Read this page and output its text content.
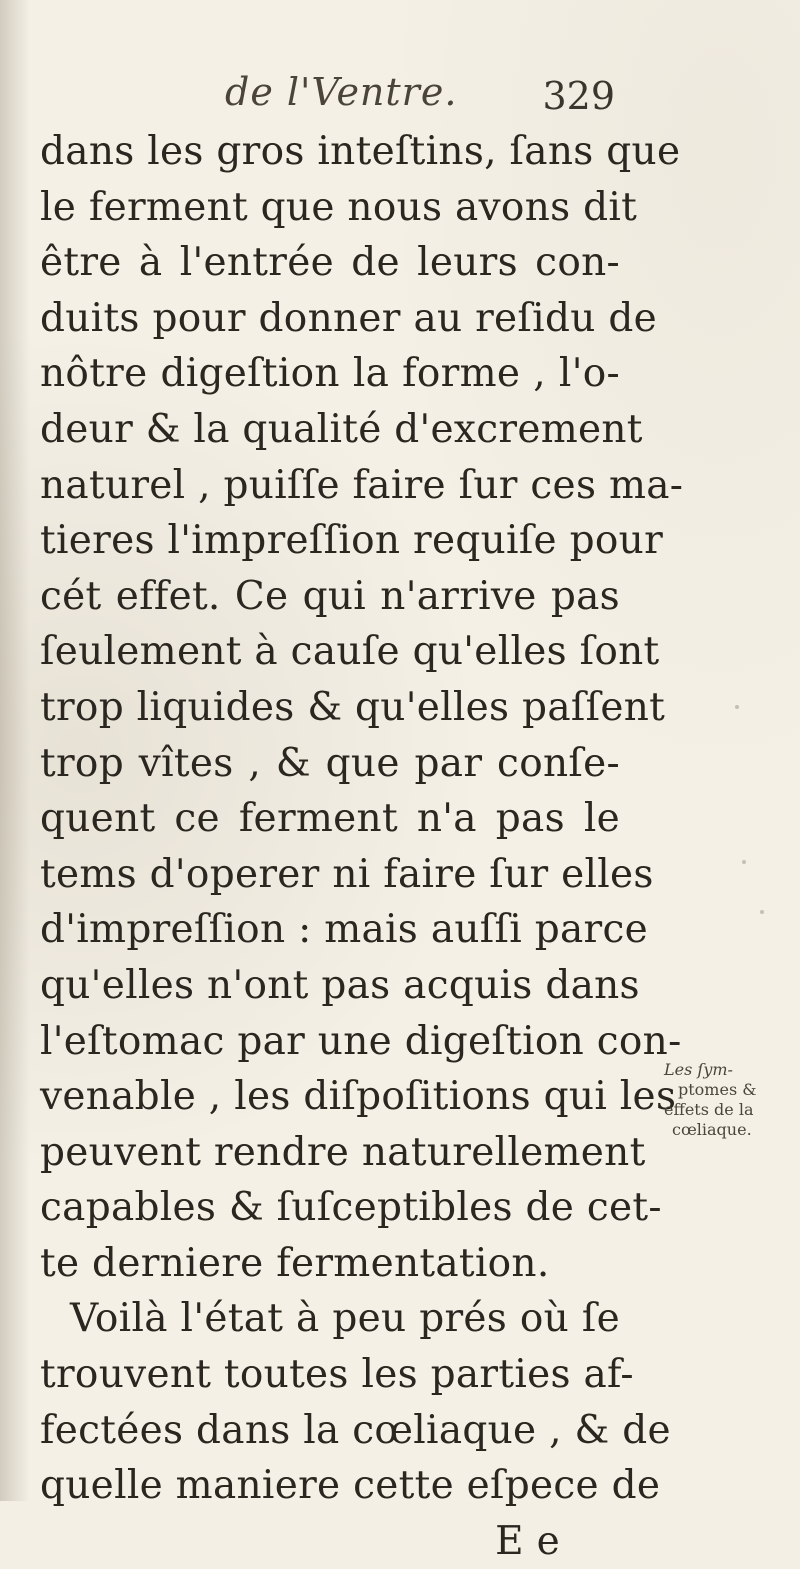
de l'Ventre. 329
dans les gros inteſtins, ſans que
le ferment que nous avons dit
être à l'entrée de leurs con-
duits pour donner au reſidu de
nôtre digeſtion la forme , l'o-
deur & la qualité d'excrement
naturel , puiſſe faire ſur ces ma-
tieres l'impreſſion requiſe pour
cét effet. Ce qui n'arrive pas
ſeulement à cauſe qu'elles ſont
trop liquides & qu'elles paſſent
trop vîtes , & que par conſe-
quent ce ferment n'a pas le
tems d'operer ni faire ſur elles
d'impreſſion : mais auſſi parce
qu'elles n'ont pas acquis dans
l'eſtomac par une digeſtion con-
venable , les diſpoſitions qui les
peuvent rendre naturellement
capables & ſuſceptibles de cet-
te derniere fermentation.
Voilà l'état à peu prés où ſe
trouvent toutes les parties af-
fectées dans la cœliaque , & de
quelle maniere cette eſpece de
E e
Les ſym-
ptomes &
effets de la
cœliaque.
